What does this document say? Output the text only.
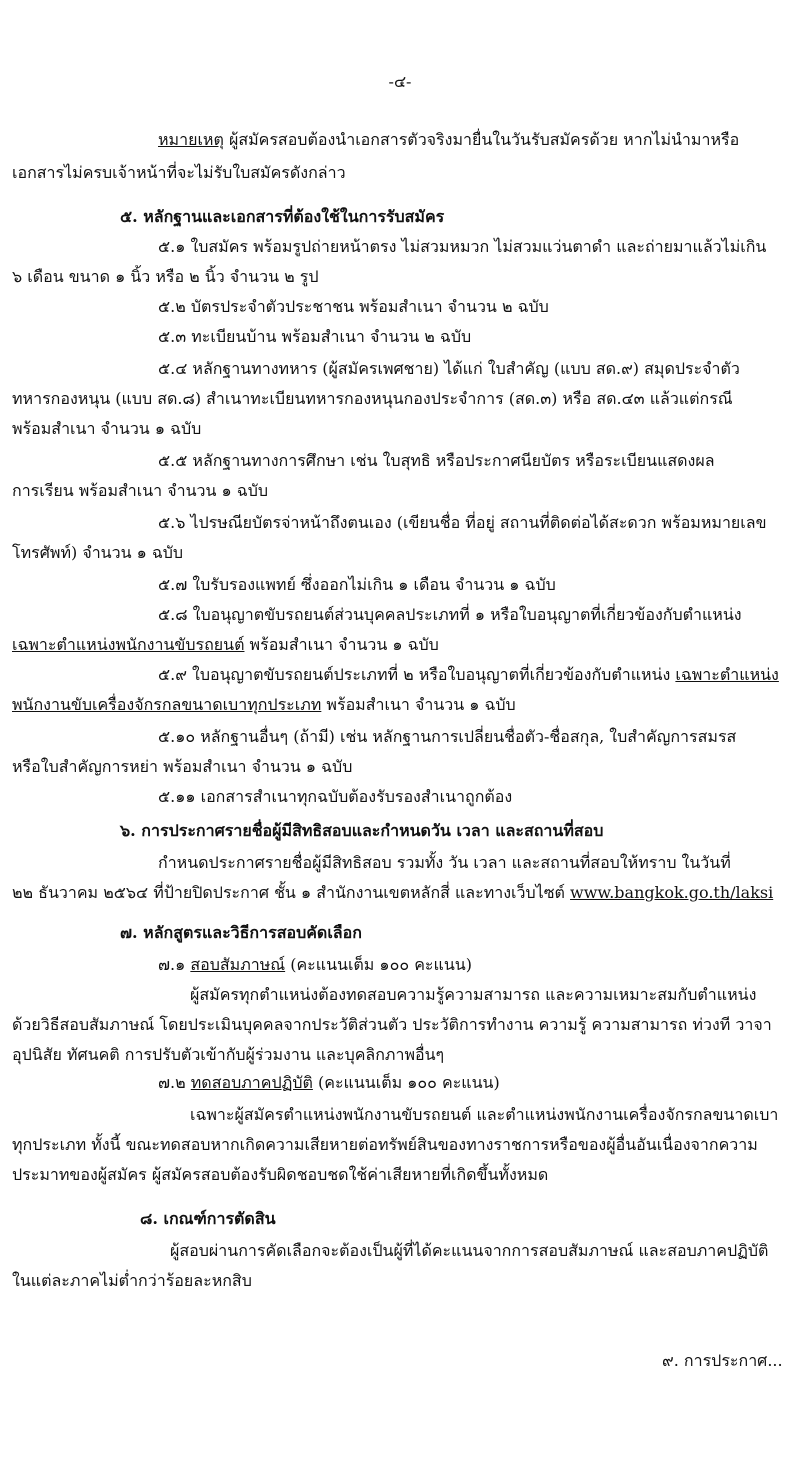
-๔-
หมายเหตุ ผู้สมัครสอบต้องนำเอกสารตัวจริงมายื่นในวันรับสมัครด้วย หากไม่นำมาหรือ
เอกสารไม่ครบเจ้าหน้าที่จะไม่รับใบสมัครดังกล่าว
๕. หลักฐานและเอกสารที่ต้องใช้ในการรับสมัคร
๕.๑ ใบสมัคร พร้อมรูปถ่ายหน้าตรง ไม่สวมหมวก ไม่สวมแว่นตาดำ และถ่ายมาแล้วไม่เกิน
๖ เดือน ขนาด ๑ นิ้ว หรือ ๒ นิ้ว จำนวน ๒ รูป
๕.๒ บัตรประจำตัวประชาชน พร้อมสำเนา จำนวน ๒ ฉบับ
๕.๓ ทะเบียนบ้าน พร้อมสำเนา จำนวน ๒ ฉบับ
๕.๔ หลักฐานทางทหาร (ผู้สมัครเพศชาย) ได้แก่ ใบสำคัญ (แบบ สด.๙) สมุดประจำตัว
ทหารกองหนุน (แบบ สด.๘) สำเนาทะเบียนทหารกองหนุนกองประจำการ (สด.๓) หรือ สด.๔๓ แล้วแต่กรณี
พร้อมสำเนา จำนวน ๑ ฉบับ
๕.๕ หลักฐานทางการศึกษา เช่น ใบสุทธิ หรือประกาศนียบัตร หรือระเบียนแสดงผล
การเรียน พร้อมสำเนา จำนวน ๑ ฉบับ
๕.๖ ไปรษณียบัตรจ่าหน้าถึงตนเอง (เขียนชื่อ ที่อยู่ สถานที่ติดต่อได้สะดวก พร้อมหมายเลข
โทรศัพท์) จำนวน ๑ ฉบับ
๕.๗ ใบรับรองแพทย์ ซึ่งออกไม่เกิน ๑ เดือน จำนวน ๑ ฉบับ
๕.๘ ใบอนุญาตขับรถยนต์ส่วนบุคคลประเภทที่ ๑ หรือใบอนุญาตที่เกี่ยวข้องกับตำแหน่ง
เฉพาะตำแหน่งพนักงานขับรถยนต์ พร้อมสำเนา จำนวน ๑ ฉบับ
๕.๙ ใบอนุญาตขับรถยนต์ประเภทที่ ๒ หรือใบอนุญาตที่เกี่ยวข้องกับตำแหน่ง เฉพาะตำแหน่ง
พนักงานขับเครื่องจักรกลขนาดเบาทุกประเภท พร้อมสำเนา จำนวน ๑ ฉบับ
๕.๑๐ หลักฐานอื่นๆ (ถ้ามี) เช่น หลักฐานการเปลี่ยนชื่อตัว-ชื่อสกุล, ใบสำคัญการสมรส
หรือใบสำคัญการหย่า พร้อมสำเนา จำนวน ๑ ฉบับ
๕.๑๑ เอกสารสำเนาทุกฉบับต้องรับรองสำเนาถูกต้อง
๖. การประกาศรายชื่อผู้มีสิทธิสอบและกำหนดวัน เวลา และสถานที่สอบ
กำหนดประกาศรายชื่อผู้มีสิทธิสอบ รวมทั้ง วัน เวลา และสถานที่สอบให้ทราบ ในวันที่
๒๒ ธันวาคม ๒๕๖๔ ที่ป้ายปิดประกาศ ชั้น ๑ สำนักงานเขตหลักสี่ และทางเว็บไซต์ www.bangkok.go.th/laksi
๗. หลักสูตรและวิธีการสอบคัดเลือก
๗.๑ สอบสัมภาษณ์ (คะแนนเต็ม ๑๐๐ คะแนน)
ผู้สมัครทุกตำแหน่งต้องทดสอบความรู้ความสามารถ และความเหมาะสมกับตำแหน่ง
ด้วยวิธีสอบสัมภาษณ์ โดยประเมินบุคคลจากประวัติส่วนตัว ประวัติการทำงาน ความรู้ ความสามารถ ท่วงที วาจา
อุปนิสัย ทัศนคติ การปรับตัวเข้ากับผู้ร่วมงาน และบุคลิกภาพอื่นๆ
๗.๒ ทดสอบภาคปฏิบัติ (คะแนนเต็ม ๑๐๐ คะแนน)
เฉพาะผู้สมัครตำแหน่งพนักงานขับรถยนต์ และตำแหน่งพนักงานเครื่องจักรกลขนาดเบา
ทุกประเภท ทั้งนี้ ขณะทดสอบหากเกิดความเสียหายต่อทรัพย์สินของทางราชการหรือของผู้อื่นอันเนื่องจากความ
ประมาทของผู้สมัคร ผู้สมัครสอบต้องรับผิดชอบชดใช้ค่าเสียหายที่เกิดขึ้นทั้งหมด
๘. เกณฑ์การตัดสิน
ผู้สอบผ่านการคัดเลือกจะต้องเป็นผู้ที่ได้คะแนนจากการสอบสัมภาษณ์ และสอบภาคปฏิบัติ
ในแต่ละภาคไม่ต่ำกว่าร้อยละหกสิบ
๙. การประกาศ...
